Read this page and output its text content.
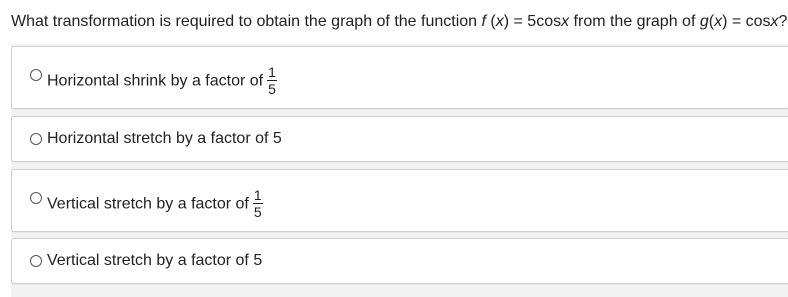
What transformation is required to obtain the graph of the function f (x) = 5cosx from the graph of g(x) = cosx?
Horizontal shrink by a factor of $\frac{1}{5}$
Horizontal stretch by a factor of 5
Vertical stretch by a factor of $\frac{1}{5}$
Vertical stretch by a factor of 5
